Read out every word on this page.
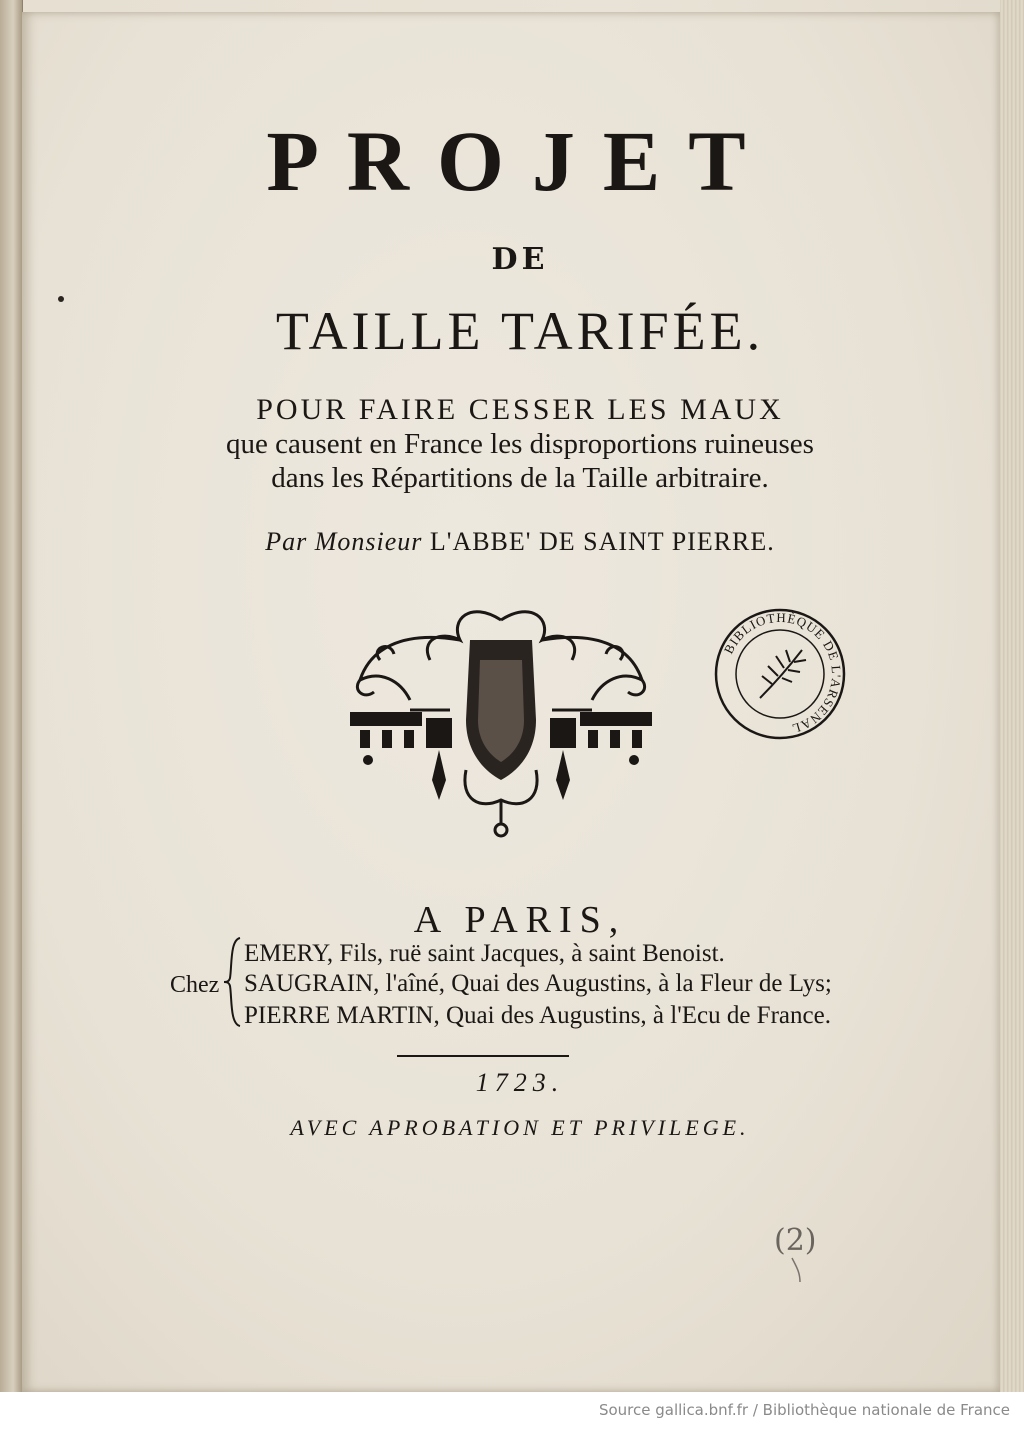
PROJET
DE
TAILLE TARIFÉE.
POUR FAIRE CESSER LES MAUX
que causent en France les disproportions ruineuses
dans les Répartitions de la Taille arbitraire.
Par Monsieur L'ABBE' DE SAINT PIERRE.
BIBLIOTHÈQUE DE L'ARSENAL
A PARIS,
Chez
EMERY, Fils, ruë saint Jacques, à saint Benoist.
SAUGRAIN, l'aîné, Quai des Augustins, à la Fleur de Lys;
PIERRE MARTIN, Quai des Augustins, à l'Ecu de France.
1723.
AVEC APROBATION ET PRIVILEGE.
(2)
Source gallica.bnf.fr / Bibliothèque nationale de France
